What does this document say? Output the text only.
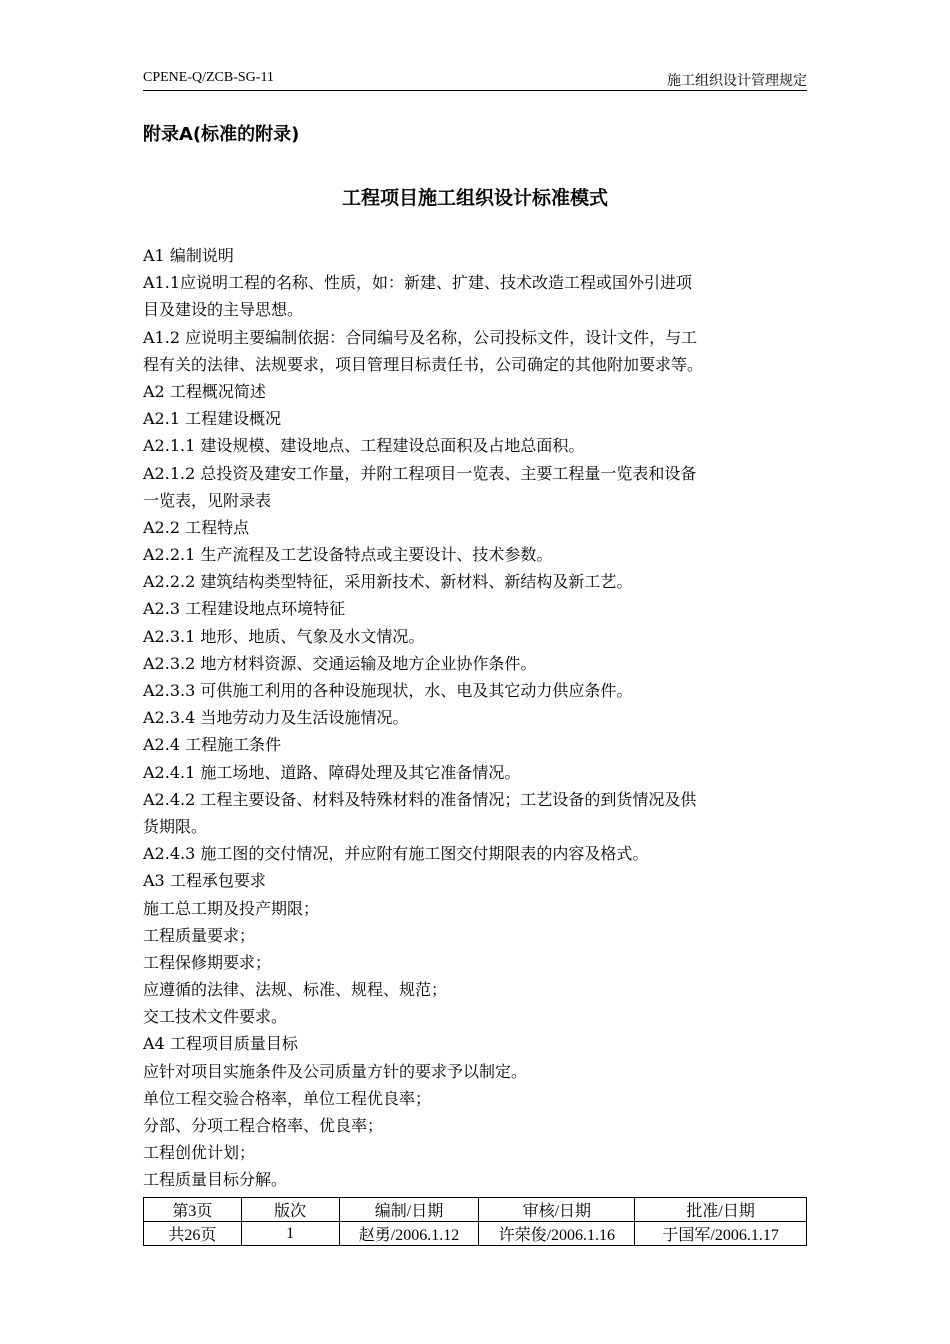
CPENE-Q/ZCB-SG-11	施工组织设计管理规定
附录A(标准的附录)
工程项目施工组织设计标准模式
A1 编制说明
A1.1应说明工程的名称、性质，如：新建、扩建、技术改造工程或国外引进项
目及建设的主导思想。
A1.2 应说明主要编制依据：合同编号及名称，公司投标文件，设计文件，与工
程有关的法律、法规要求，项目管理目标责任书，公司确定的其他附加要求等。
A2 工程概况简述
A2.1 工程建设概况
A2.1.1 建设规模、建设地点、工程建设总面积及占地总面积。
A2.1.2 总投资及建安工作量，并附工程项目一览表、主要工程量一览表和设备
一览表，见附录表
A2.2 工程特点
A2.2.1 生产流程及工艺设备特点或主要设计、技术参数。
A2.2.2 建筑结构类型特征，采用新技术、新材料、新结构及新工艺。
A2.3 工程建设地点环境特征
A2.3.1 地形、地质、气象及水文情况。
A2.3.2 地方材料资源、交通运输及地方企业协作条件。
A2.3.3 可供施工利用的各种设施现状，水、电及其它动力供应条件。
A2.3.4 当地劳动力及生活设施情况。
A2.4 工程施工条件
A2.4.1 施工场地、道路、障碍处理及其它准备情况。
A2.4.2 工程主要设备、材料及特殊材料的准备情况；工艺设备的到货情况及供
货期限。
A2.4.3 施工图的交付情况，并应附有施工图交付期限表的内容及格式。
A3 工程承包要求
施工总工期及投产期限；
工程质量要求；
工程保修期要求；
应遵循的法律、法规、标准、规程、规范；
交工技术文件要求。
A4 工程项目质量目标
应针对项目实施条件及公司质量方针的要求予以制定。
单位工程交验合格率，单位工程优良率；
分部、分项工程合格率、优良率；
工程创优计划；
工程质量目标分解。
第3页	版次	编制/日期	审核/日期	批准/日期
共26页	1	赵勇/2006.1.12	许荣俊/2006.1.16	于国军/2006.1.17
